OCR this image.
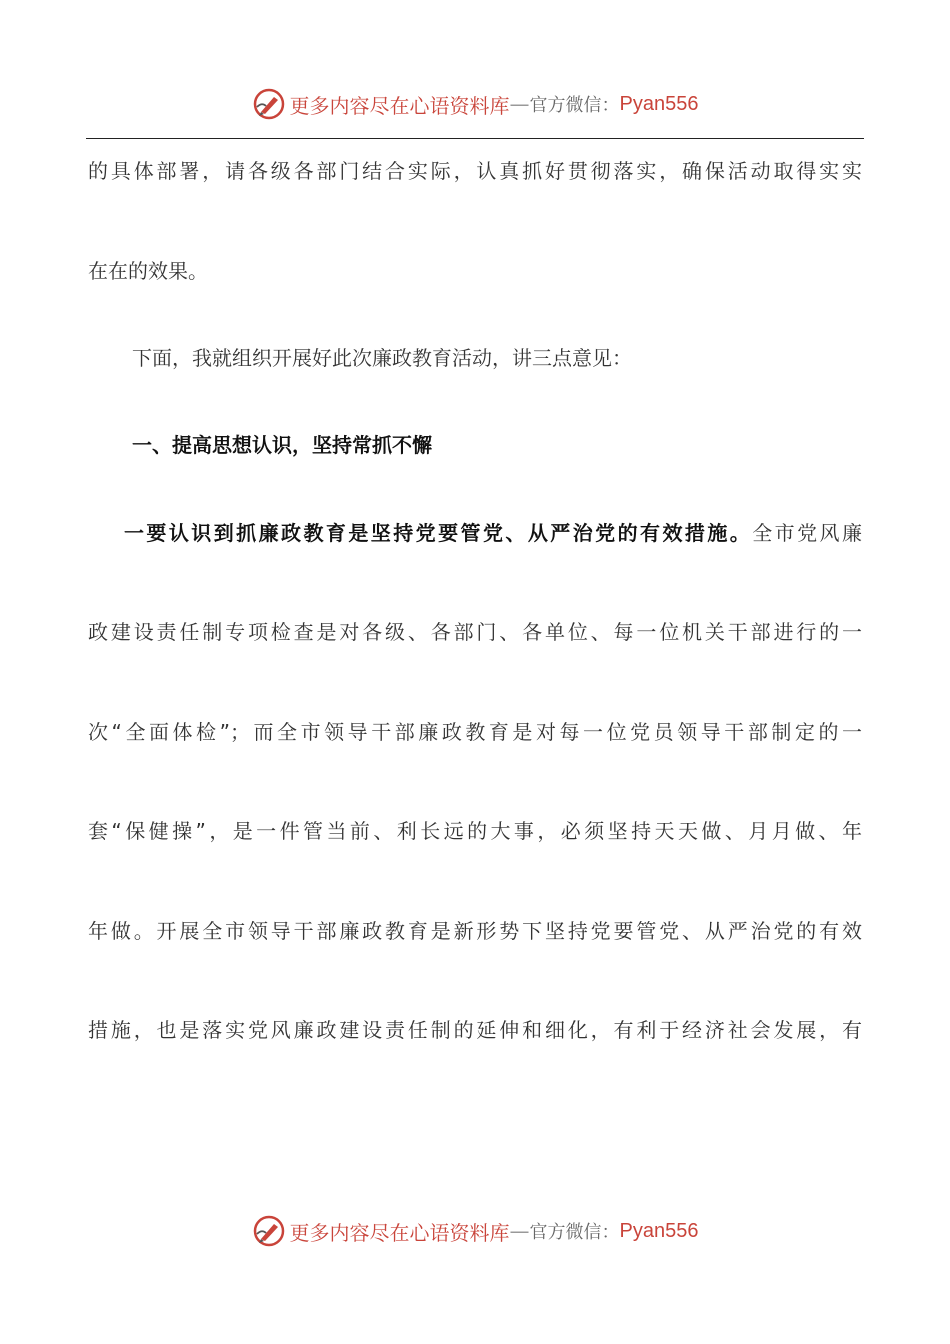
更多内容尽在心语资料库 — 官方微信： Pyan556
的具体部署，请各级各部门结合实际，认真抓好贯彻落实，确保活动取得实实
在在的效果。
下面，我就组织开展好此次廉政教育活动，讲三点意见：
一、提高思想认识，坚持常抓不懈
一要认识到抓廉政教育是坚持党要管党、从严治党的有效措施。全市党风廉
政建设责任制专项检查是对各级、各部门、各单位、每一位机关干部进行的一
次“全面体检”；而全市领导干部廉政教育是对每一位党员领导干部制定的一
套“保健操”，是一件管当前、利长远的大事，必须坚持天天做、月月做、年
年做。开展全市领导干部廉政教育是新形势下坚持党要管党、从严治党的有效
措施，也是落实党风廉政建设责任制的延伸和细化，有利于经济社会发展，有
更多内容尽在心语资料库 — 官方微信： Pyan556
